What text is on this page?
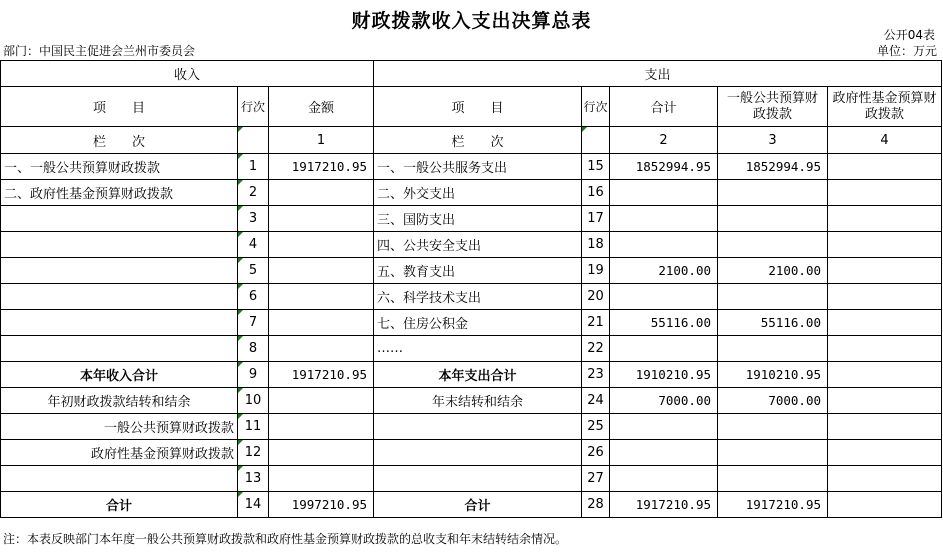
财政拨款收入支出决算总表
公开04表
部门：中国民主促进会兰州市委员会	单位：万元
收入			支出				
项　　目	行次	金额	项　　目	行次	合计	一般公共预算财政拨款	政府性基金预算财政拨款
栏　　次		1	栏　　次		2	3	4
一、一般公共预算财政拨款	1	1917210.95	一、一般公共服务支出	15	1852994.95	1852994.95	
二、政府性基金预算财政拨款	2		二、外交支出	16			
	3		三、国防支出	17			
	4		四、公共安全支出	18			
	5		五、教育支出	19	2100.00	2100.00	
	6		六、科学技术支出	20			
	7		七、住房公积金	21	55116.00	55116.00	
	8		……	22			
本年收入合计	9	1917210.95	本年支出合计	23	1910210.95	1910210.95	
年初财政拨款结转和结余	10		年末结转和结余	24	7000.00	7000.00	
一般公共预算财政拨款	11			25			
政府性基金预算财政拨款	12			26			
	13			27			
合计	14	1997210.95	合计	28	1917210.95	1917210.95	
注：本表反映部门本年度一般公共预算财政拨款和政府性基金预算财政拨款的总收支和年末结转结余情况。
